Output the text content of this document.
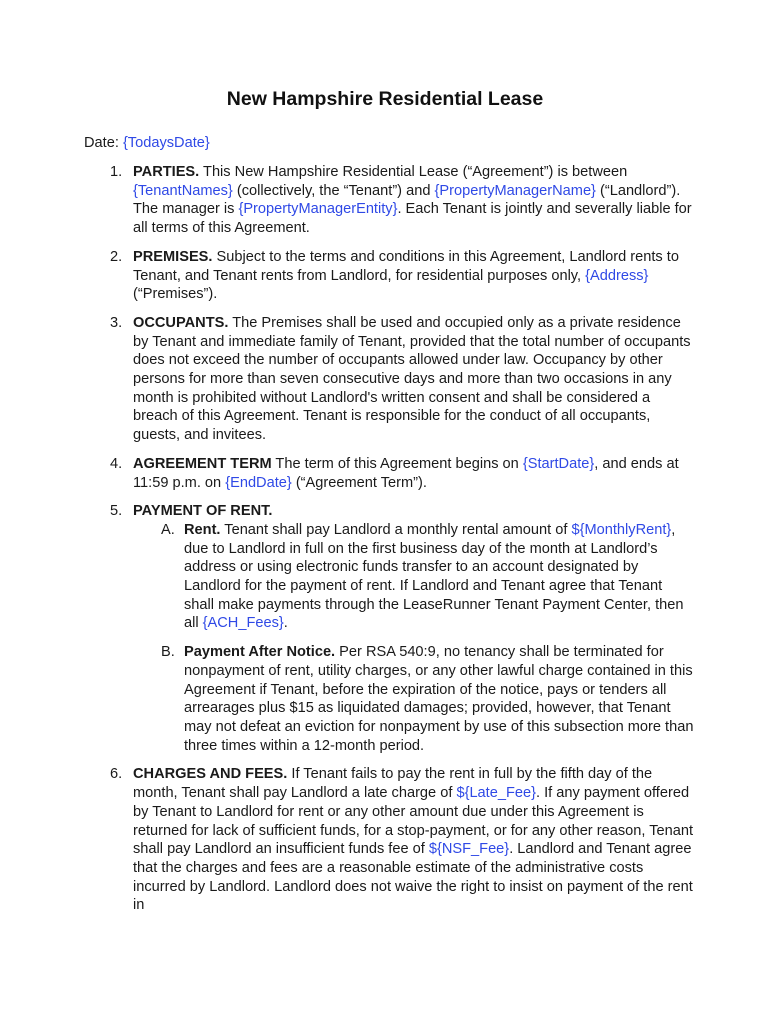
New Hampshire Residential Lease
Date: {TodaysDate}
1. PARTIES. This New Hampshire Residential Lease (“Agreement”) is between {TenantNames} (collectively, the “Tenant”) and {PropertyManagerName} (“Landlord”). The manager is {PropertyManagerEntity}. Each Tenant is jointly and severally liable for all terms of this Agreement.
2. PREMISES. Subject to the terms and conditions in this Agreement, Landlord rents to Tenant, and Tenant rents from Landlord, for residential purposes only, {Address} (“Premises”).
3. OCCUPANTS. The Premises shall be used and occupied only as a private residence by Tenant and immediate family of Tenant, provided that the total number of occupants does not exceed the number of occupants allowed under law. Occupancy by other persons for more than seven consecutive days and more than two occasions in any month is prohibited without Landlord's written consent and shall be considered a breach of this Agreement. Tenant is responsible for the conduct of all occupants, guests, and invitees.
4. AGREEMENT TERM The term of this Agreement begins on {StartDate}, and ends at 11:59 p.m. on {EndDate} (“Agreement Term”).
5. PAYMENT OF RENT.
A. Rent. Tenant shall pay Landlord a monthly rental amount of ${MonthlyRent}, due to Landlord in full on the first business day of the month at Landlord’s address or using electronic funds transfer to an account designated by Landlord for the payment of rent. If Landlord and Tenant agree that Tenant shall make payments through the LeaseRunner Tenant Payment Center, then all {ACH_Fees}.
B. Payment After Notice. Per RSA 540:9, no tenancy shall be terminated for nonpayment of rent, utility charges, or any other lawful charge contained in this Agreement if Tenant, before the expiration of the notice, pays or tenders all arrearages plus $15 as liquidated damages; provided, however, that Tenant may not defeat an eviction for nonpayment by use of this subsection more than three times within a 12-month period.
6. CHARGES AND FEES. If Tenant fails to pay the rent in full by the fifth day of the month, Tenant shall pay Landlord a late charge of ${Late_Fee}. If any payment offered by Tenant to Landlord for rent or any other amount due under this Agreement is returned for lack of sufficient funds, for a stop-payment, or for any other reason, Tenant shall pay Landlord an insufficient funds fee of ${NSF_Fee}. Landlord and Tenant agree that the charges and fees are a reasonable estimate of the administrative costs incurred by Landlord. Landlord does not waive the right to insist on payment of the rent in
